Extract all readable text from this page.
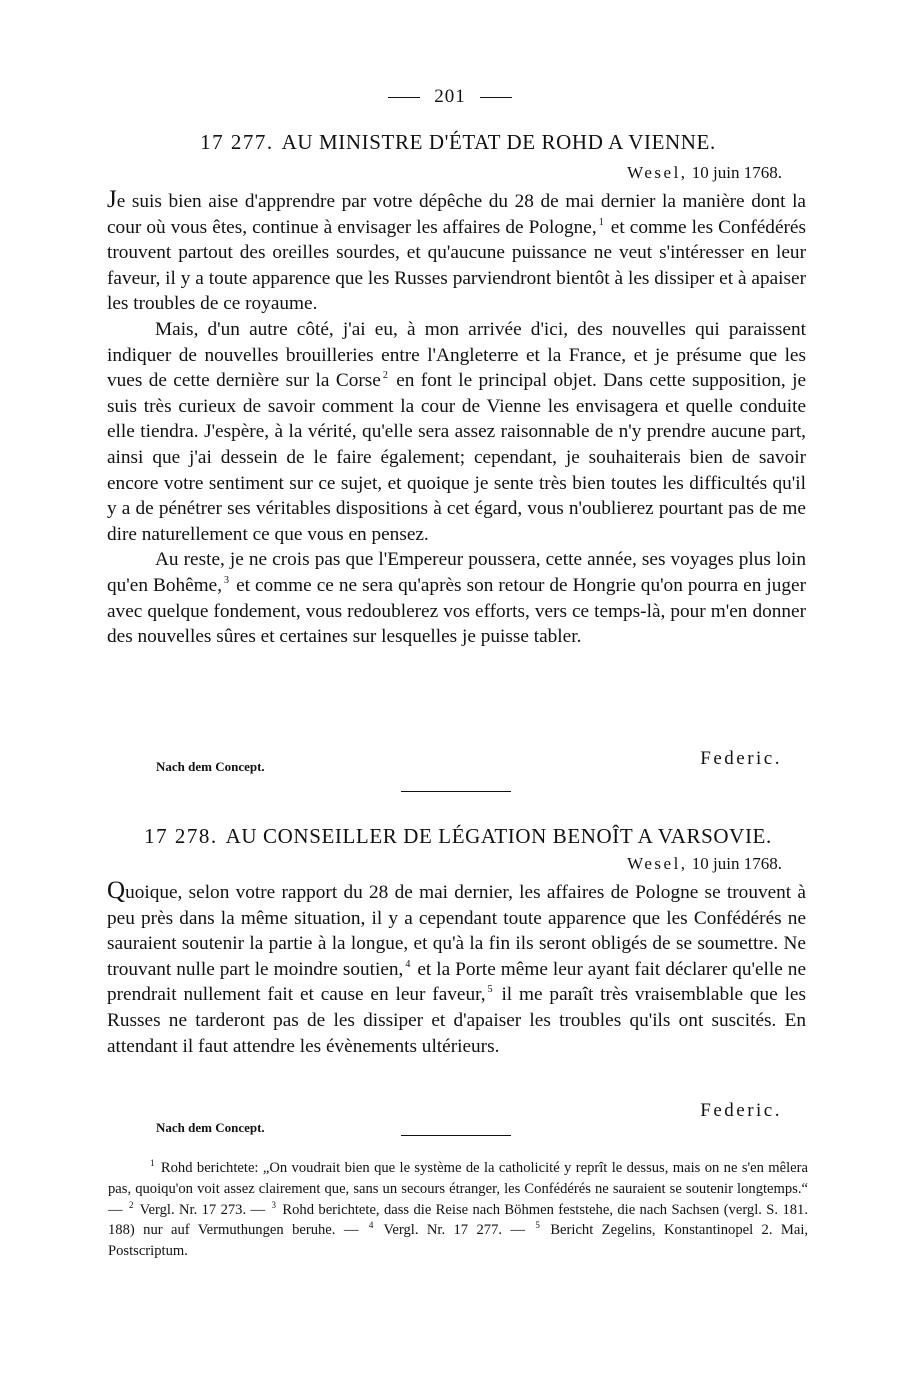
201
17 277. AU MINISTRE D'ÉTAT DE ROHD A VIENNE.
Wesel, 10 juin 1768.

Je suis bien aise d'apprendre par votre dépêche du 28 de mai dernier la manière dont la cour où vous êtes, continue à envisager les affaires de Pologne, $^1$ et comme les Confédérés trouvent partout des oreilles sourdes, et qu'aucune puissance ne veut s'intéresser en leur faveur, il y a toute apparence que les Russes parviendront bientôt à les dissiper et à apaiser les troubles de ce royaume.

Mais, d'un autre côté, j'ai eu, à mon arrivée d'ici, des nouvelles qui paraissent indiquer de nouvelles brouilleries entre l'Angleterre et la France, et je présume que les vues de cette dernière sur la Corse $^2$ en font le principal objet. Dans cette supposition, je suis très curieux de savoir comment la cour de Vienne les envisagera et quelle conduite elle tiendra. J'espère, à la vérité, qu'elle sera assez raisonnable de n'y prendre aucune part, ainsi que j'ai dessein de le faire également; cependant, je souhaiterais bien de savoir encore votre sentiment sur ce sujet, et quoique je sente très bien toutes les difficultés qu'il y a de pénétrer ses véritables dispositions à cet égard, vous n'oublierez pourtant pas de me dire naturellement ce que vous en pensez.

Au reste, je ne crois pas que l'Empereur poussera, cette année, ses voyages plus loin qu'en Bohême, $^3$ et comme ce ne sera qu'après son retour de Hongrie qu'on pourra en juger avec quelque fondement, vous redoublerez vos efforts, vers ce temps-là, pour m'en donner des nouvelles sûres et certaines sur lesquelles je puisse tabler.

Federic.
Nach dem Concept.
17 278. AU CONSEILLER DE LÉGATION BENOÎT A VARSOVIE.
Wesel, 10 juin 1768.

Quoique, selon votre rapport du 28 de mai dernier, les affaires de Pologne se trouvent à peu près dans la même situation, il y a cependant toute apparence que les Confédérés ne sauraient soutenir la partie à la longue, et qu'à la fin ils seront obligés de se soumettre. Ne trouvant nulle part le moindre soutien, $^4$ et la Porte même leur ayant fait déclarer qu'elle ne prendrait nullement fait et cause en leur faveur, $^5$ il me paraît très vraisemblable que les Russes ne tarderont pas de les dissiper et d'apaiser les troubles qu'ils ont suscités. En attendant il faut attendre les évènements ultérieurs.

Federic.
Nach dem Concept.
$^1$ Rohd berichtete: „On voudrait bien que le système de la catholicité y reprît le dessus, mais on ne s'en mêlera pas, quoiqu'on voit assez clairement que, sans un secours étranger, les Confédérés ne sauraient se soutenir longtemps.“ — $^2$ Vergl. Nr. 17 273. — $^3$ Rohd berichtete, dass die Reise nach Böhmen feststehe, die nach Sachsen (vergl. S. 181. 188) nur auf Vermuthungen beruhe. — $^4$ Vergl. Nr. 17 277. — $^5$ Bericht Zegelins, Konstantinopel 2. Mai, Postscriptum.
